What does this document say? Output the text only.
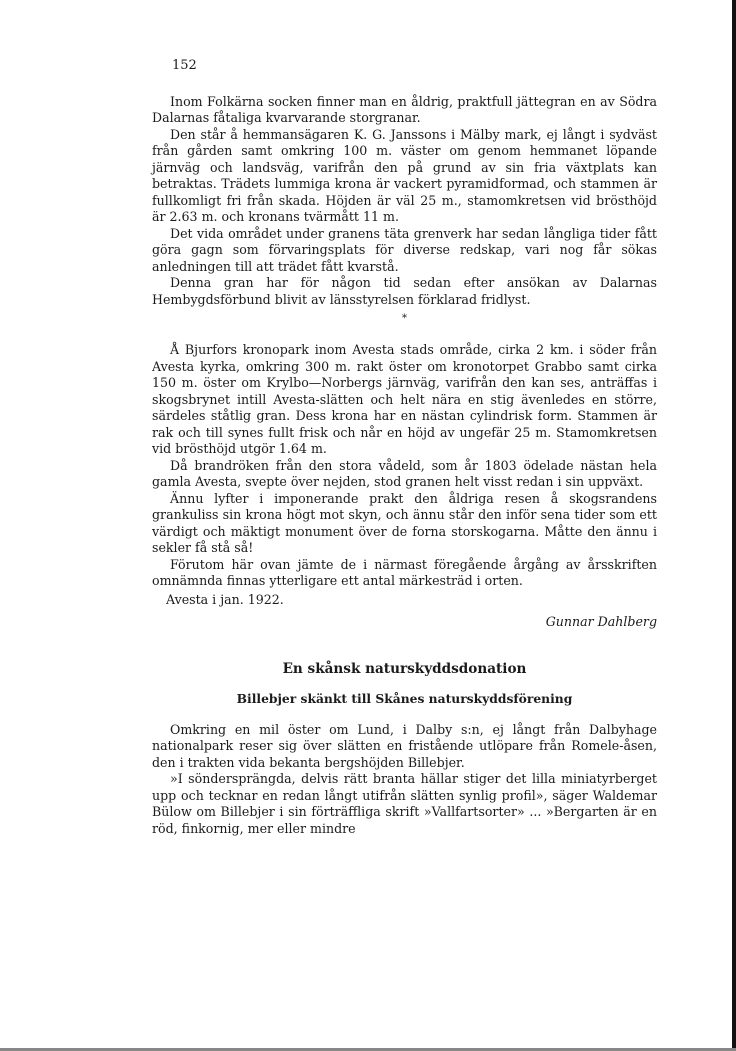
152

Inom Folkärna socken finner man en åldrig, praktfull jättegran en av Södra Dalarnas fåtaliga kvarvarande storgranar.

Den står å hemmansägaren K. G. Janssons i Mälby mark, ej långt i sydväst från gården samt omkring 100 m. väster om genom hemmanet löpande järnväg och landsväg, varifrån den på grund av sin fria växtplats kan betraktas. Trädets lummiga krona är vackert pyramidformad, och stammen är fullkomligt fri från skada. Höjden är väl 25 m., stamomkretsen vid brösthöjd är 2.63 m. och kronans tvärmått 11 m.

Det vida området under granens täta grenverk har sedan långliga tider fått göra gagn som förvaringsplats för diverse redskap, vari nog får sökas anledningen till att trädet fått kvarstå.

Denna gran har för någon tid sedan efter ansökan av Dalarnas Hembygdsförbund blivit av länsstyrelsen förklarad fridlyst.

*

Å Bjurfors kronopark inom Avesta stads område, cirka 2 km. i söder från Avesta kyrka, omkring 300 m. rakt öster om kronotorpet Grabbo samt cirka 150 m. öster om Krylbo—Norbergs järnväg, varifrån den kan ses, anträffas i skogsbrynet intill Avesta-slätten och helt nära en stig ävenledes en större, särdeles ståtlig gran. Dess krona har en nästan cylindrisk form. Stammen är rak och till synes fullt frisk och når en höjd av ungefär 25 m. Stamomkretsen vid brösthöjd utgör 1.64 m.

Då brandröken från den stora vådeld, som år 1803 ödelade nästan hela gamla Avesta, svepte över nejden, stod granen helt visst redan i sin uppväxt.

Ännu lyfter i imponerande prakt den åldriga resen å skogsrandens grankuliss sin krona högt mot skyn, och ännu står den inför sena tider som ett värdigt och mäktigt monument över de forna storskogarna. Måtte den ännu i sekler få stå så!

Förutom här ovan jämte de i närmast föregående årgång av årsskriften omnämnda finnas ytterligare ett antal märkesträd i orten.

Avesta i jan. 1922.

Gunnar Dahlberg
En skånsk naturskyddsdonation
Billebjer skänkt till Skånes naturskyddsförening

Omkring en mil öster om Lund, i Dalby s:n, ej långt från Dalbyhage nationalpark reser sig över slätten en fristående utlöpare från Romele-åsen, den i trakten vida bekanta bergshöjden Billebjer.

»I söndersprängda, delvis rätt branta hällar stiger det lilla miniatyrberget upp och tecknar en redan långt utifrån slätten synlig profil», säger Waldemar Bülow om Billebjer i sin förträffliga skrift »Vallfartsorter» ... »Bergarten är en röd, finkornig, mer eller mindre
